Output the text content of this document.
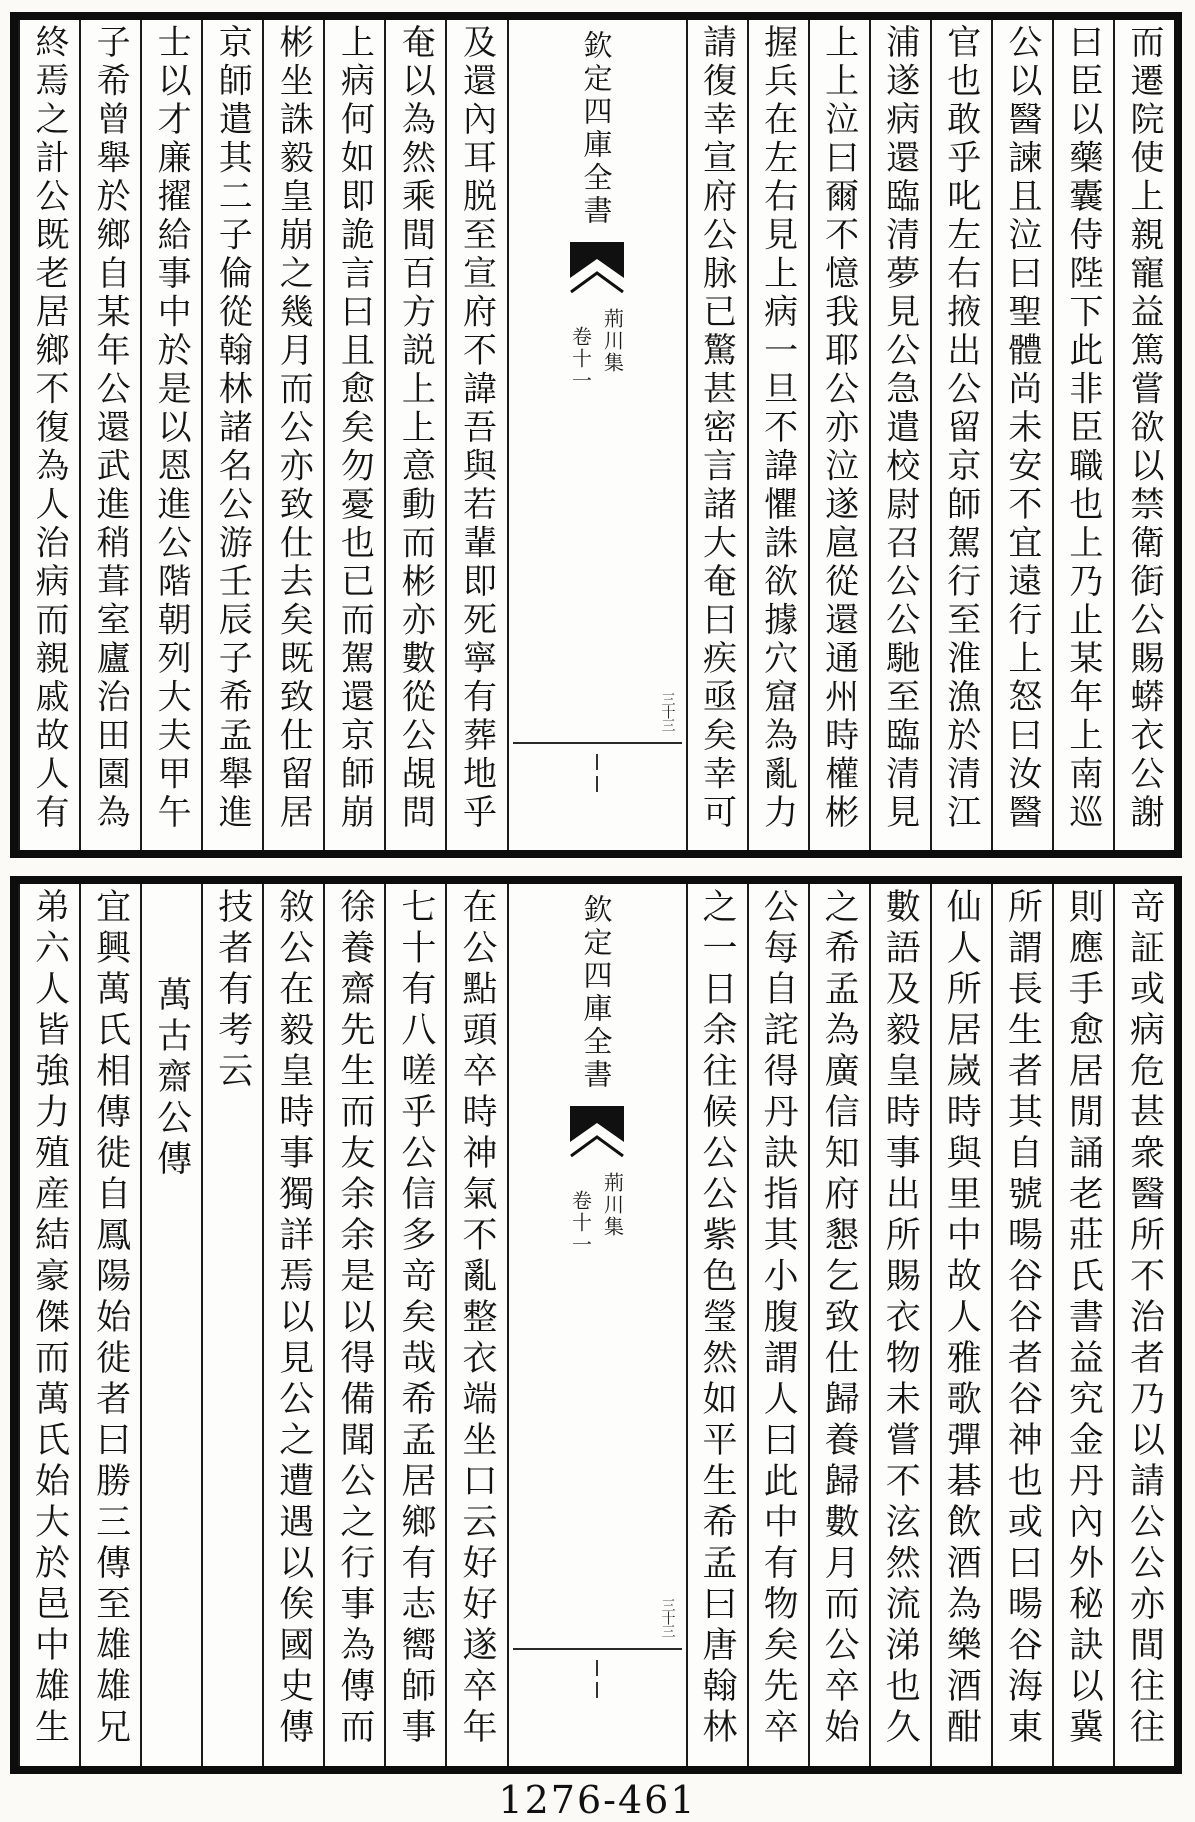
而遷院使上親寵益篤嘗欲以禁衛衘公賜蟒衣公謝
曰臣以藥囊侍陛下此非臣職也上乃止某年上南巡
公以醫諫且泣曰聖體尚未安不宜遠行上怒曰汝醫
官也敢乎叱左右掖出公留京師駕行至淮漁於清江
浦遂病還臨清夢見公急遣校尉召公公馳至臨清見
上上泣曰爾不憶我耶公亦泣遂扈從還通州時權彬
握兵在左右見上病一旦不諱懼誅欲據穴窟為亂力
請復幸宣府公脉已驚甚密言諸大奄曰疾亟矣幸可
欽定四庫全書
荊川集
卷十一
三十三
及還內耳脱至宣府不諱吾與若輩即死寧有葬地乎
奄以為然乘間百方説上上意動而彬亦數從公覘問
上病何如即詭言曰且愈矣勿憂也已而駕還京師崩
彬坐誅毅皇崩之幾月而公亦致仕去矣既致仕留居
京師遣其二子倫從翰林諸名公游壬辰子希孟舉進
士以才廉擢給事中於是以恩進公階朝列大夫甲午
子希曾舉於鄉自某年公還武進稍葺室廬治田園為
終焉之計公既老居鄉不復為人治病而親戚故人有
竒証或病危甚衆醫所不治者乃以請公公亦間往往
則應手愈居閒誦老莊氏書益究金丹內外秘訣以冀
所謂長生者其自號暘谷谷者谷神也或曰暘谷海東
仙人所居嵗時與里中故人雅歌彈碁飲酒為樂酒酣
數語及毅皇時事出所賜衣物未嘗不泫然流涕也久
之希孟為廣信知府懇乞致仕歸養歸數月而公卒始
公每自詫得丹訣指其小腹謂人曰此中有物矣先卒
之一日余往候公公紫色瑩然如平生希孟曰唐翰林
欽定四庫全書
荊川集
卷十一
三十三
在公點頭卒時神氣不亂整衣端坐口云好好遂卒年
七十有八嗟乎公信多竒矣哉希孟居鄉有志嚮師事
徐養齋先生而友余余是以得備聞公之行事為傳而
敘公在毅皇時事獨詳焉以見公之遭遇以俟國史傳
技者有考云
萬古齋公傳
宜興萬氏相傳徙自鳳陽始徙者曰勝三傳至雄雄兄
弟六人皆強力殖産結豪傑而萬氏始大於邑中雄生
1276-461
